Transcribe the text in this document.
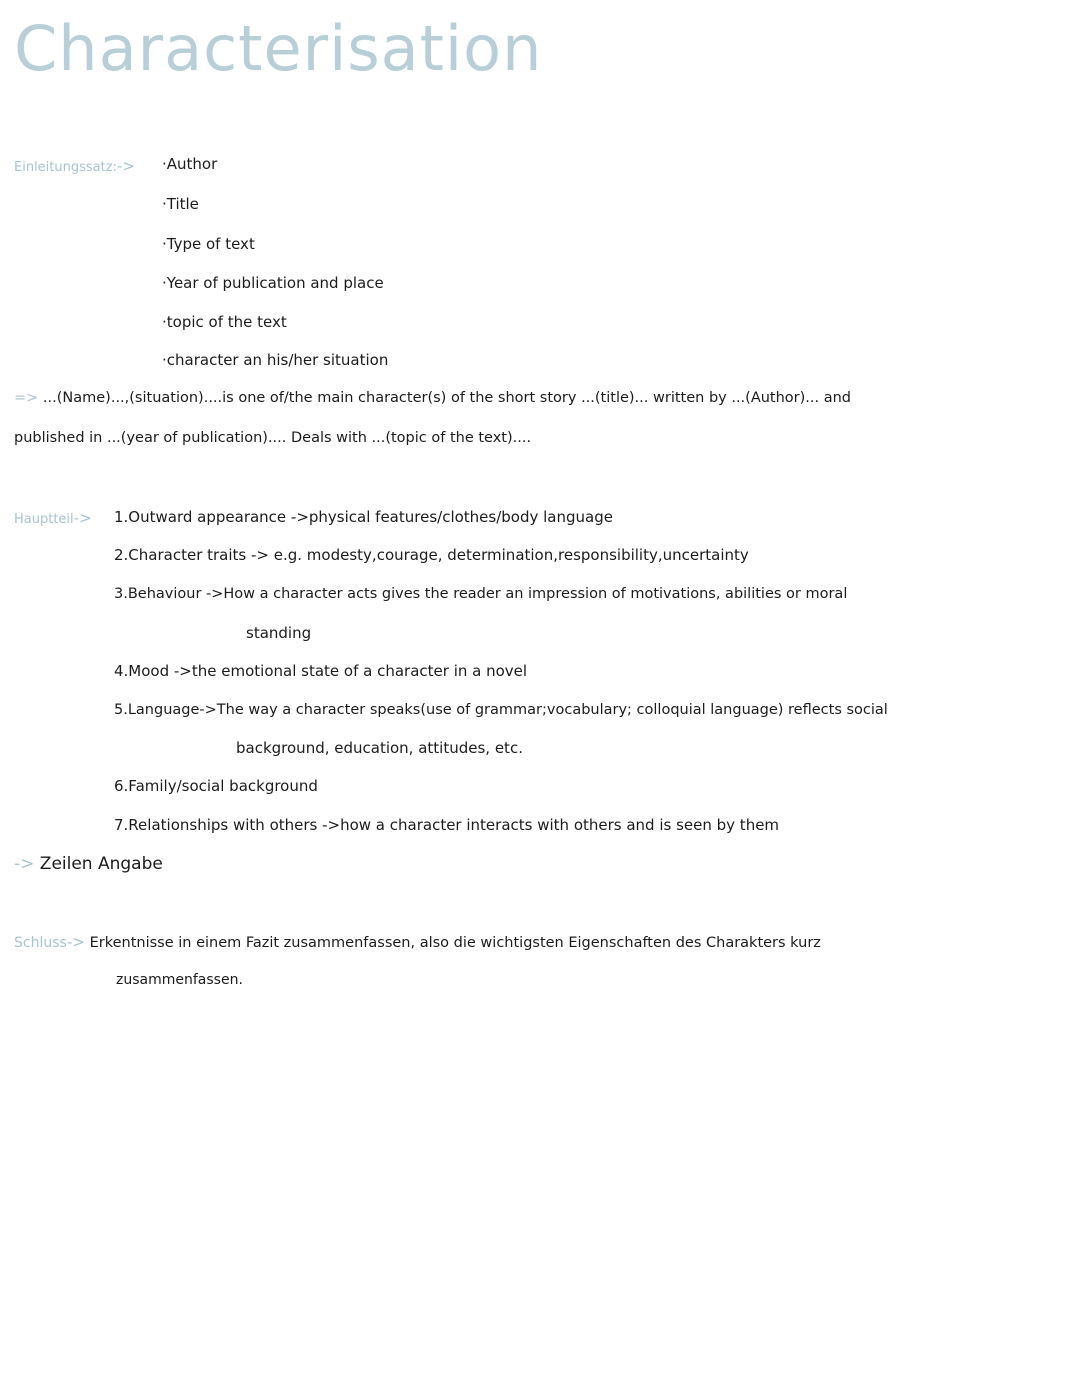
Characterisation
Einleitungssatz:-> ·Author
·Title
·Type of text
·Year of publication and place
·topic of the text
·character an his/her situation
=> ...(Name)...,(situation)....is one of/the main character(s) of the short story ...(title)... written by ...(Author)... and
published in ...(year of publication).... Deals with ...(topic of the text)....
Hauptteil-> 1.Outward appearance ->physical features/clothes/body language
2.Character traits -> e.g. modesty,courage, determination,responsibility,uncertainty
3.Behaviour ->How a character acts gives the reader an impression of motivations, abilities or moral
standing
4.Mood ->the emotional state of a character in a novel
5.Language->The way a character speaks(use of grammar;vocabulary; colloquial language) reflects social
background, education, attitudes, etc.
6.Family/social background
7.Relationships with others ->how a character interacts with others and is seen by them
-> Zeilen Angabe
Schluss-> Erkentnisse in einem Fazit zusammenfassen, also die wichtigsten Eigenschaften des Charakters kurz
zusammenfassen.
